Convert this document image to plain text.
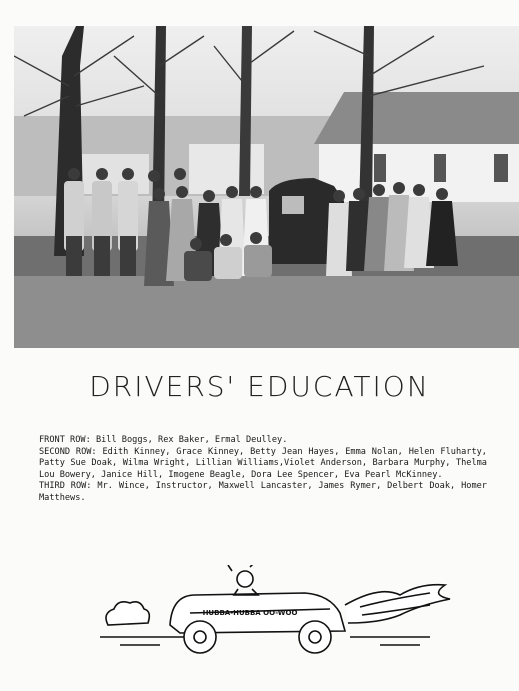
DRIVERS' EDUCATION

FRONT ROW: Bill Boggs, Rex Baker, Ermal Deulley.

SECOND ROW: Edith Kinney, Grace Kinney, Betty Jean Hayes, Emma Nolan, Helen Fluharty, Patty Sue Doak, Wilma Wright, Lillian Williams,Violet Anderson, Barbara Murphy, Thelma Lou Bowery, Janice Hill, Imogene Beagle, Dora Lee Spencer, Eva Pearl McKinney.

THIRD ROW: Mr. Wince, Instructor, Maxwell Lancaster, James Rymer, Delbert Doak, Homer Matthews.

HUBBA-HUBBA OO-WOO
